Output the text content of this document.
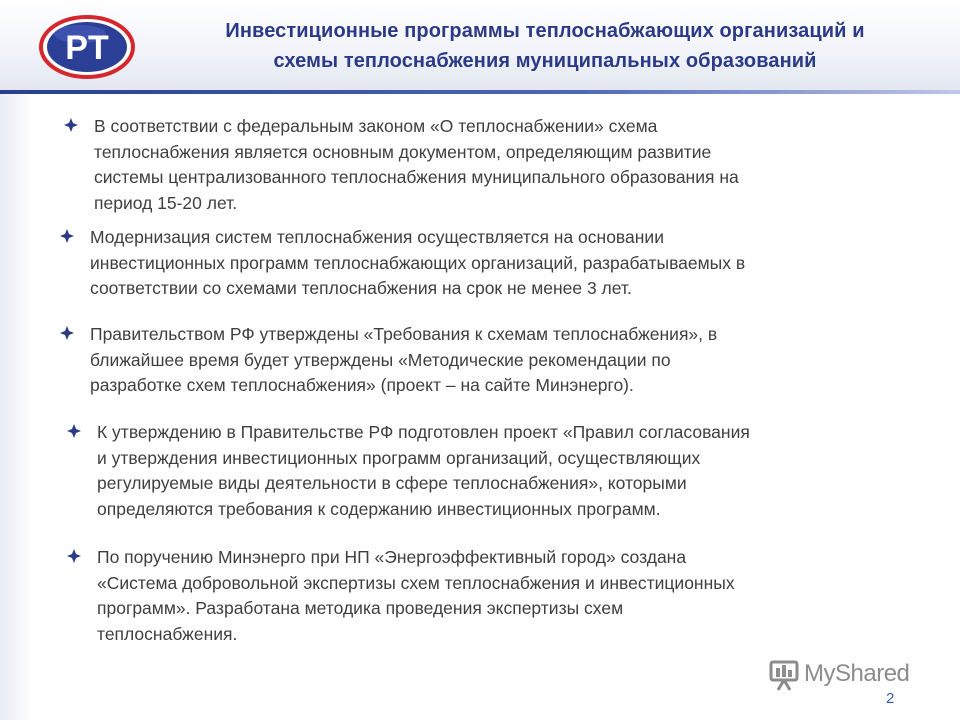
PT	Инвестиционные программы теплоснабжающих организаций и
схемы теплоснабжения муниципальных образований
В соответствии с федеральным законом «О теплоснабжении» схема
теплоснабжения является основным документом, определяющим развитие
системы централизованного теплоснабжения муниципального образования на
период 15-20 лет.
Модернизация систем теплоснабжения осуществляется на основании
инвестиционных программ теплоснабжающих организаций, разрабатываемых в
соответствии со схемами теплоснабжения на срок не менее 3 лет.
Правительством РФ утверждены «Требования к схемам теплоснабжения», в
ближайшее время будет утверждены «Методические рекомендации по
разработке схем теплоснабжения» (проект – на сайте Минэнерго).
К утверждению в Правительстве РФ подготовлен проект «Правил согласования
и утверждения инвестиционных программ организаций, осуществляющих
регулируемые виды деятельности в сфере теплоснабжения», которыми
определяются требования к содержанию инвестиционных программ.
По поручению Минэнерго при НП «Энергоэффективный город» создана
«Система добровольной экспертизы схем теплоснабжения и инвестиционных
программ». Разработана методика проведения экспертизы схем
теплоснабжения.
MyShared
2
